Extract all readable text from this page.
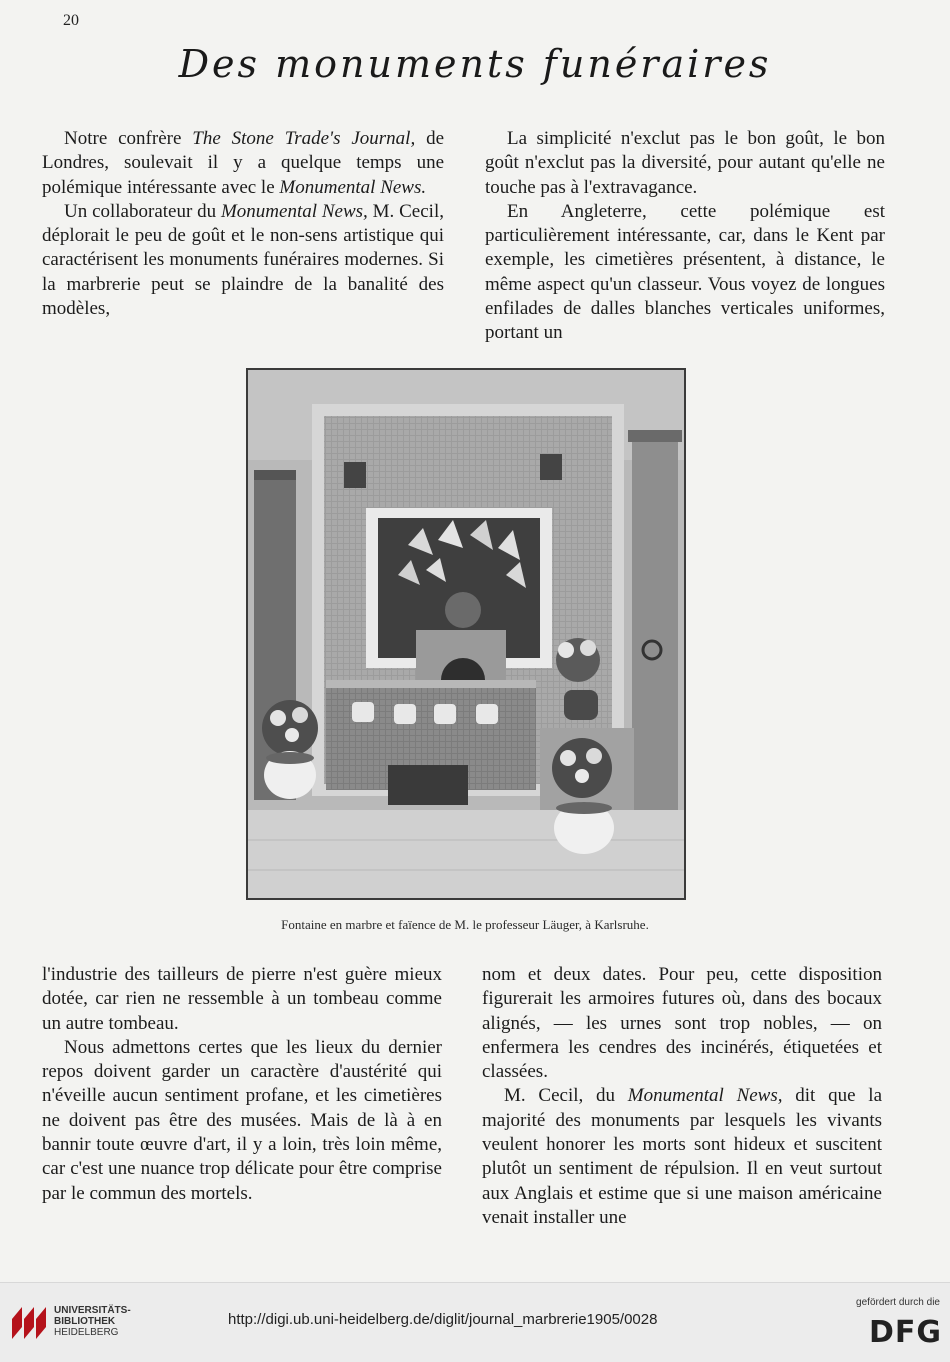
20
Des monuments funéraires

Notre confrère The Stone Trade's Journal, de Londres, soulevait il y a quelque temps une polémique intéressante avec le Monumental News.

Un collaborateur du Monumental News, M. Cecil, déplorait le peu de goût et le non-sens artistique qui caractérisent les monuments funéraires modernes. Si la marbrerie peut se plaindre de la banalité des modèles,

La simplicité n'exclut pas le bon goût, le bon goût n'exclut pas la diversité, pour autant qu'elle ne touche pas à l'extravagance.

En Angleterre, cette polémique est particulièrement intéressante, car, dans le Kent par exemple, les cimetières présentent, à distance, le même aspect qu'un classeur. Vous voyez de longues enfilades de dalles blanches verticales uniformes, portant un

Fontaine en marbre et faïence de M. le professeur Läuger, à Karlsruhe.

l'industrie des tailleurs de pierre n'est guère mieux dotée, car rien ne ressemble à un tombeau comme un autre tombeau.

Nous admettons certes que les lieux du dernier repos doivent garder un caractère d'austérité qui n'éveille aucun sentiment profane, et les cimetières ne doivent pas être des musées. Mais de là à en bannir toute œuvre d'art, il y a loin, très loin même, car c'est une nuance trop délicate pour être comprise par le commun des mortels.

nom et deux dates. Pour peu, cette disposition figurerait les armoires futures où, dans des bocaux alignés, — les urnes sont trop nobles, — on enfermera les cendres des incinérés, étiquetées et classées.

M. Cecil, du Monumental News, dit que la majorité des monuments par lesquels les vivants veulent honorer les morts sont hideux et suscitent plutôt un sentiment de répulsion. Il en veut surtout aux Anglais et estime que si une maison américaine venait installer une

UNIVERSITÄTS-
BIBLIOTHEK
HEIDELBERG
http://digi.ub.uni-heidelberg.de/diglit/journal_marbrerie1905/0028
gefördert durch die
DFG
